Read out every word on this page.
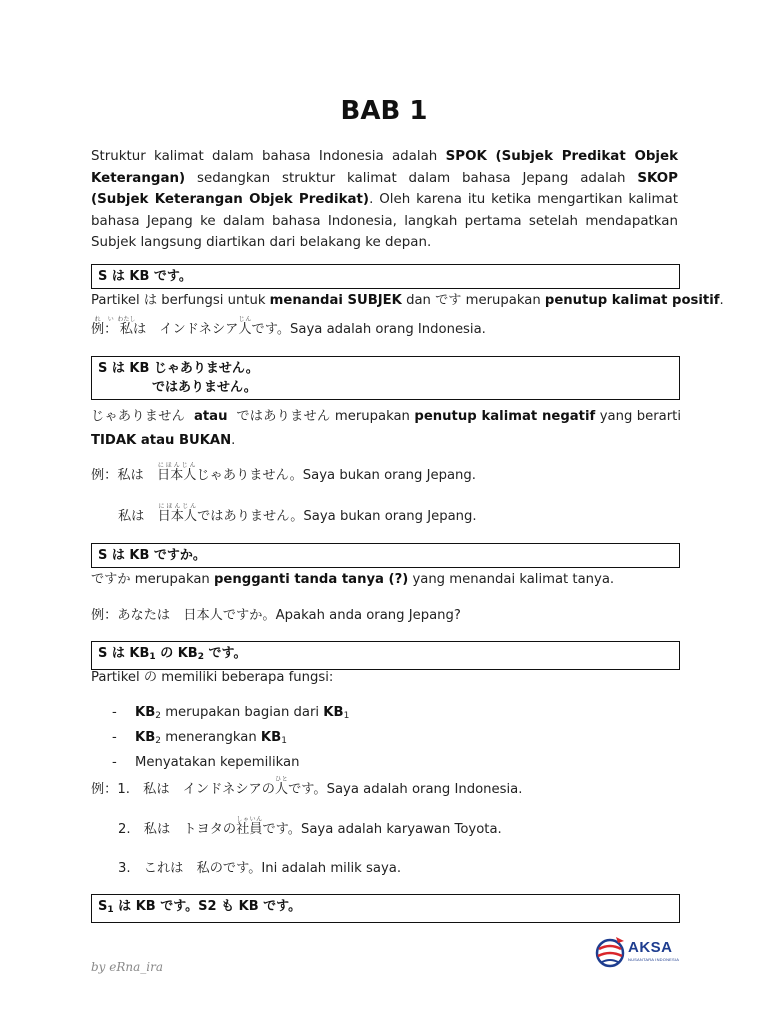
BAB 1
Struktur kalimat dalam bahasa Indonesia adalah SPOK (Subjek Predikat Objek Keterangan) sedangkan struktur kalimat dalam bahasa Jepang adalah SKOP (Subjek Keterangan Objek Predikat). Oleh karena itu ketika mengartikan kalimat bahasa Jepang ke dalam bahasa Indonesia, langkah pertama setelah mendapatkan Subjek langsung diartikan dari belakang ke depan.
S は KB です。
Partikel は berfungsi untuk menandai SUBJEK dan です merupakan penutup kalimat positif.
例：れい私わたしは　インドネシア人じんです。Saya adalah orang Indonesia.
S は KB じゃありません。
ではありません。
じゃありません atau ではありません merupakan penutup kalimat negatif yang berarti TIDAK atau BUKAN.
例：私は　日本人にほんじんじゃありません。Saya bukan orang Jepang.
私は　日本人にほんじんではありません。Saya bukan orang Jepang.
S は KB ですか。
ですか merupakan pengganti tanda tanya (?) yang menandai kalimat tanya.
例：あなたは　日本人ですか。Apakah anda orang Jepang?
S は $KB_1$ の $KB_2$ です。
Partikel の memiliki beberapa fungsi:
- $KB_2$ merupakan bagian dari $KB_1$
- $KB_2$ menerangkan $KB_1$
- Menyatakan kepemilikan
例：1.　私は　インドネシアの人ひとです。Saya adalah orang Indonesia.
2.　私は　トヨタの社員しゃいんです。Saya adalah karyawan Toyota.
3.　これは　私のです。Ini adalah milik saya.
$S_1$ は KB です。S2 も KB です。
by eRna_ira
AKSA
NUSANTARA INDONESIA
